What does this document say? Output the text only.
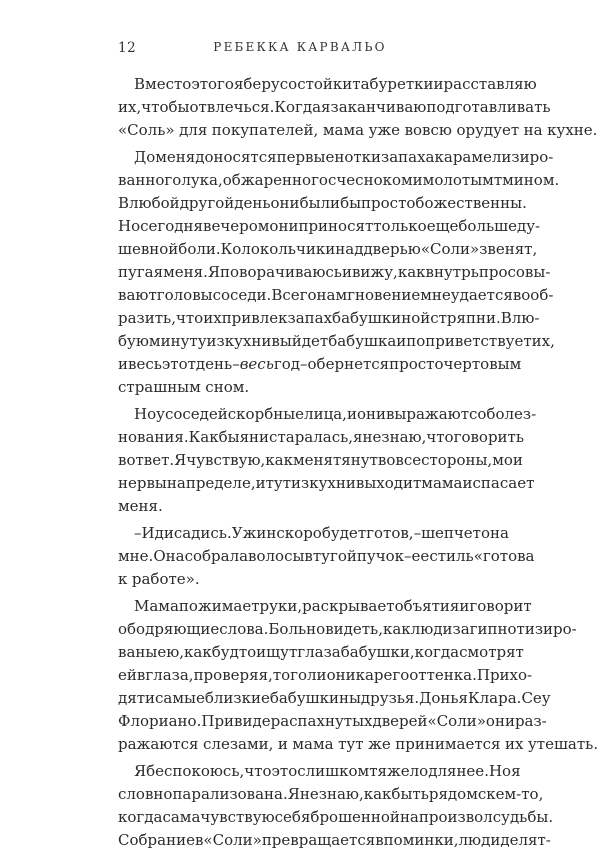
12	РЕБЕККА КАРВАЛЬО
Вместо этого я беру со стойки табуретки и расставляю
их, чтобы отвлечься. Когда я заканчиваю подготавливать
«Соль» для покупателей, мама уже вовсю орудует на кухне.
До меня доносятся первые нотки запаха карамелизиро-
ванного лука, обжаренного с чесноком и молотым тмином.
В любой другой день они были бы просто божественны.
Но сегодня вечером они приносят только еще больше ду-
шевной боли. Колокольчики над дверью «Соли» звенят,
пугая меня. Я поворачиваюсь и вижу, как внутрь просовы-
вают головы соседи. Всего на мгновение мне удается вооб-
разить, что их привлек запах бабушкиной стряпни. В лю-
бую минуту из кухни выйдет бабушка и поприветствует их,
и весь этот день – весь год – обернется просто чертовым
страшным сном.
Но у соседей скорбные лица, и они выражают соболез-
нования. Как бы я ни старалась, я не знаю, что говорить
в ответ. Я чувствую, как меня тянут во все стороны, мои
нервы на пределе, и тут из кухни выходит мама и спасает
меня.
– Иди садись. Ужин скоро будет готов, – шепчет она
мне. Она собрала волосы в тугой пучок – ее стиль «готова
к работе».
Мама пожимает руки, раскрывает объятия и говорит
ободряющие слова. Больно видеть, как люди загипнотизиро-
ваны ею, как будто ищут глаза бабушки, когда смотрят
ей в глаза, проверяя, того ли они карего оттенка. Прихо-
дят и самые близкие бабушкины друзья. Донья Клара. Сеу
Флориано. При виде распахнутых дверей «Соли» они раз-
ражаются слезами, и мама тут же принимается их утешать.
Я беспокоюсь, что это слишком тяжело для нее. Но я
словно парализована. Я не знаю, как быть рядом с кем-то,
когда сама чувствую себя брошенной на произвол судьбы.
Собрание в «Соли» превращается в поминки, люди делят-
